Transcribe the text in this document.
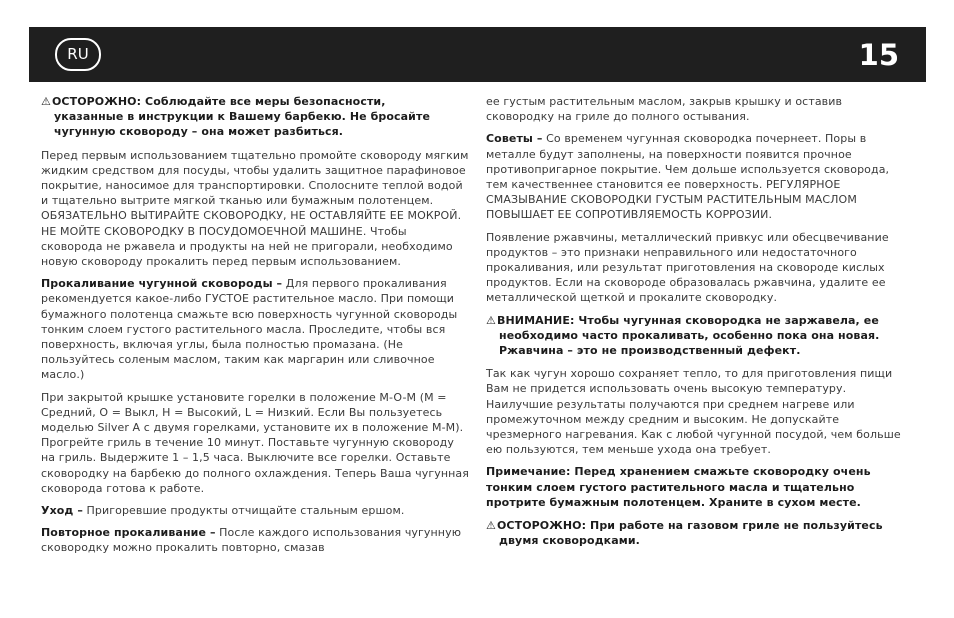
RU	15

⚠ОСТОРОЖНО: Соблюдайте все меры безопасности,
указанные в инструкции к Вашему барбекю. Не бросайте
чугунную сковороду – она может разбиться.

Перед первым использованием тщательно промойте сковороду мягким жидким средством для посуды, чтобы удалить защитное парафиновое покрытие, наносимое для транспортировки. Сполосните теплой водой и тщательно вытрите мягкой тканью или бумажным полотенцем. ОБЯЗАТЕЛЬНО ВЫТИРАЙТЕ СКОВОРОДКУ, НЕ ОСТАВЛЯЙТЕ ЕЕ МОКРОЙ. НЕ МОЙТЕ СКОВОРОДКУ В ПОСУДОМОЕЧНОЙ МАШИНЕ. Чтобы сковорода не ржавела и продукты на ней не пригорали, необходимо новую сковороду прокалить перед первым использованием.

Прокаливание чугунной сковороды – Для первого прокаливания рекомендуется какое-либо ГУСТОЕ растительное масло. При помощи бумажного полотенца смажьте всю поверхность чугунной сковороды тонким слоем густого растительного масла. Проследите, чтобы вся поверхность, включая углы, была полностью промазана. (Не пользуйтесь соленым маслом, таким как маргарин или сливочное масло.)

При закрытой крышке установите горелки в положение M-O-M (M = Средний, O = Выкл, H = Высокий, L = Низкий. Если Вы пользуетесь моделью Silver A с двумя горелками, установите их в положение M-M). Прогрейте гриль в течение 10 минут. Поставьте чугунную сковороду на гриль. Выдержите 1 – 1,5 часа. Выключите все горелки. Оставьте сковородку на барбекю до полного охлаждения. Теперь Ваша чугунная сковорода готова к работе.

Уход – Пригоревшие продукты отчищайте стальным ершом.

Повторное прокаливание – После каждого использования чугунную сковородку можно прокалить повторно, смазав

ее густым растительным маслом, закрыв крышку и оставив сковородку на гриле до полного остывания.

Советы – Со временем чугунная сковородка почернеет. Поры в металле будут заполнены, на поверхности появится прочное противопригарное покрытие. Чем дольше используется сковорода, тем качественнее становится ее поверхность. РЕГУЛЯРНОЕ СМАЗЫВАНИЕ СКОВОРОДКИ ГУСТЫМ РАСТИТЕЛЬНЫМ МАСЛОМ ПОВЫШАЕТ ЕЕ СОПРОТИВЛЯЕМОСТЬ КОРРОЗИИ.

Появление ржавчины, металлический привкус или обесцвечивание продуктов – это признаки неправильного или недостаточного прокаливания, или результат приготовления на сковороде кислых продуктов. Если на сковороде образовалась ржавчина, удалите ее металлической щеткой и прокалите сковородку.

⚠ВНИМАНИЕ: Чтобы чугунная сковородка не заржавела, ее
необходимо часто прокаливать, особенно пока она новая.
Ржавчина – это не производственный дефект.

Так как чугун хорошо сохраняет тепло, то для приготовления пищи Вам не придется использовать очень высокую температуру. Наилучшие результаты получаются при среднем нагреве или промежуточном между средним и высоким. Не допускайте чрезмерного нагревания. Как с любой чугунной посудой, чем больше ею пользуются, тем меньше ухода она требует.

Примечание: Перед хранением смажьте сковородку очень тонким слоем густого растительного масла и тщательно протрите бумажным полотенцем. Храните в сухом месте.

⚠ОСТОРОЖНО: При работе на газовом гриле не пользуйтесь
двумя сковородками.
